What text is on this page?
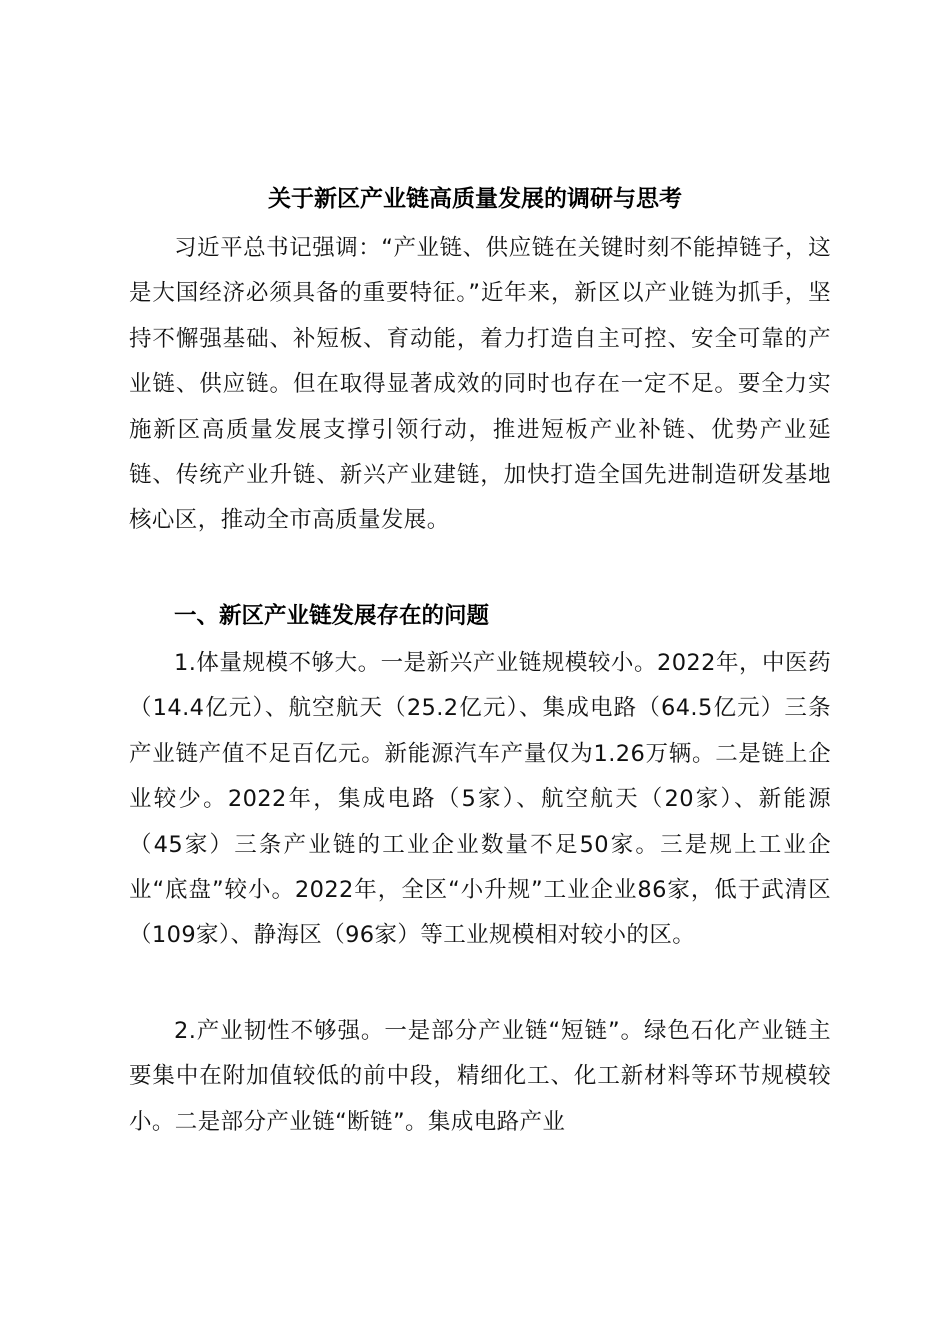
关于新区产业链高质量发展的调研与思考

习近平总书记强调：“产业链、供应链在关键时刻不能掉链子，这是大国经济必须具备的重要特征。”近年来，新区以产业链为抓手，坚持不懈强基础、补短板、育动能，着力打造自主可控、安全可靠的产业链、供应链。但在取得显著成效的同时也存在一定不足。要全力实施新区高质量发展支撑引领行动，推进短板产业补链、优势产业延链、传统产业升链、新兴产业建链，加快打造全国先进制造研发基地核心区，推动全市高质量发展。

一、新区产业链发展存在的问题

1.体量规模不够大。一是新兴产业链规模较小。2022年，中医药（14.4亿元）、航空航天（25.2亿元）、集成电路（64.5亿元）三条产业链产值不足百亿元。新能源汽车产量仅为1.26万辆。二是链上企业较少。2022年，集成电路（5家）、航空航天（20家）、新能源（45家）三条产业链的工业企业数量不足50家。三是规上工业企业“底盘”较小。2022年，全区“小升规”工业企业86家，低于武清区（109家）、静海区（96家）等工业规模相对较小的区。

2.产业韧性不够强。一是部分产业链“短链”。绿色石化产业链主要集中在附加值较低的前中段，精细化工、化工新材料等环节规模较小。二是部分产业链“断链”。集成电路产业
